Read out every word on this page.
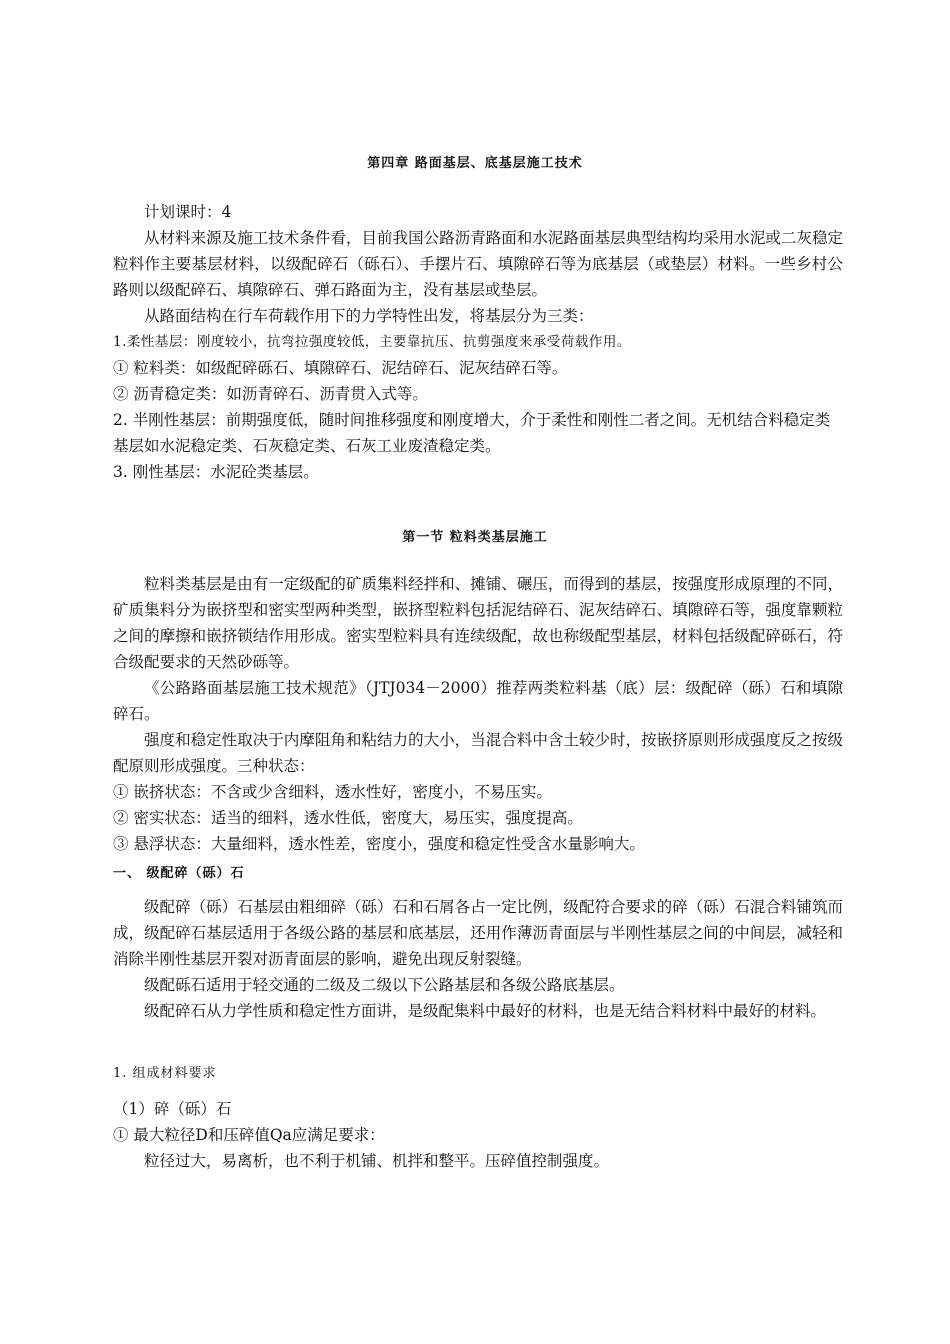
第四章 路面基层、底基层施工技术

计划课时：4

从材料来源及施工技术条件看，目前我国公路沥青路面和水泥路面基层典型结构均采用水泥或二灰稳定粒料作主要基层材料，以级配碎石（砾石）、手摆片石、填隙碎石等为底基层（或垫层）材料。一些乡村公路则以级配碎石、填隙碎石、弹石路面为主，没有基层或垫层。

从路面结构在行车荷载作用下的力学特性出发，将基层分为三类：

1.柔性基层：刚度较小，抗弯拉强度较低，主要靠抗压、抗剪强度来承受荷载作用。

① 粒料类：如级配碎砾石、填隙碎石、泥结碎石、泥灰结碎石等。

② 沥青稳定类：如沥青碎石、沥青贯入式等。

2. 半刚性基层：前期强度低，随时间推移强度和刚度增大，介于柔性和刚性二者之间。无机结合料稳定类基层如水泥稳定类、石灰稳定类、石灰工业废渣稳定类。

3. 刚性基层：水泥砼类基层。

第一节 粒料类基层施工

粒料类基层是由有一定级配的矿质集料经拌和、摊铺、碾压，而得到的基层，按强度形成原理的不同，矿质集料分为嵌挤型和密实型两种类型，嵌挤型粒料包括泥结碎石、泥灰结碎石、填隙碎石等，强度靠颗粒之间的摩擦和嵌挤锁结作用形成。密实型粒料具有连续级配，故也称级配型基层，材料包括级配碎砾石，符合级配要求的天然砂砾等。

《公路路面基层施工技术规范》（JTJ034－2000）推荐两类粒料基（底）层：级配碎（砾）石和填隙碎石。

强度和稳定性取决于内摩阻角和粘结力的大小，当混合料中含土较少时，按嵌挤原则形成强度反之按级配原则形成强度。三种状态：

① 嵌挤状态：不含或少含细料，透水性好，密度小，不易压实。

② 密实状态：适当的细料，透水性低，密度大，易压实，强度提高。

③ 悬浮状态：大量细料，透水性差，密度小，强度和稳定性受含水量影响大。

一、 级配碎（砾）石

级配碎（砾）石基层由粗细碎（砾）石和石屑各占一定比例，级配符合要求的碎（砾）石混合料铺筑而成，级配碎石基层适用于各级公路的基层和底基层，还用作薄沥青面层与半刚性基层之间的中间层，减轻和消除半刚性基层开裂对沥青面层的影响，避免出现反射裂缝。

级配砾石适用于轻交通的二级及二级以下公路基层和各级公路底基层。

级配碎石从力学性质和稳定性方面讲，是级配集料中最好的材料，也是无结合料材料中最好的材料。

1. 组成材料要求

（1）碎（砾）石

① 最大粒径D和压碎值Qa应满足要求：

粒径过大，易离析，也不利于机铺、机拌和整平。压碎值控制强度。
